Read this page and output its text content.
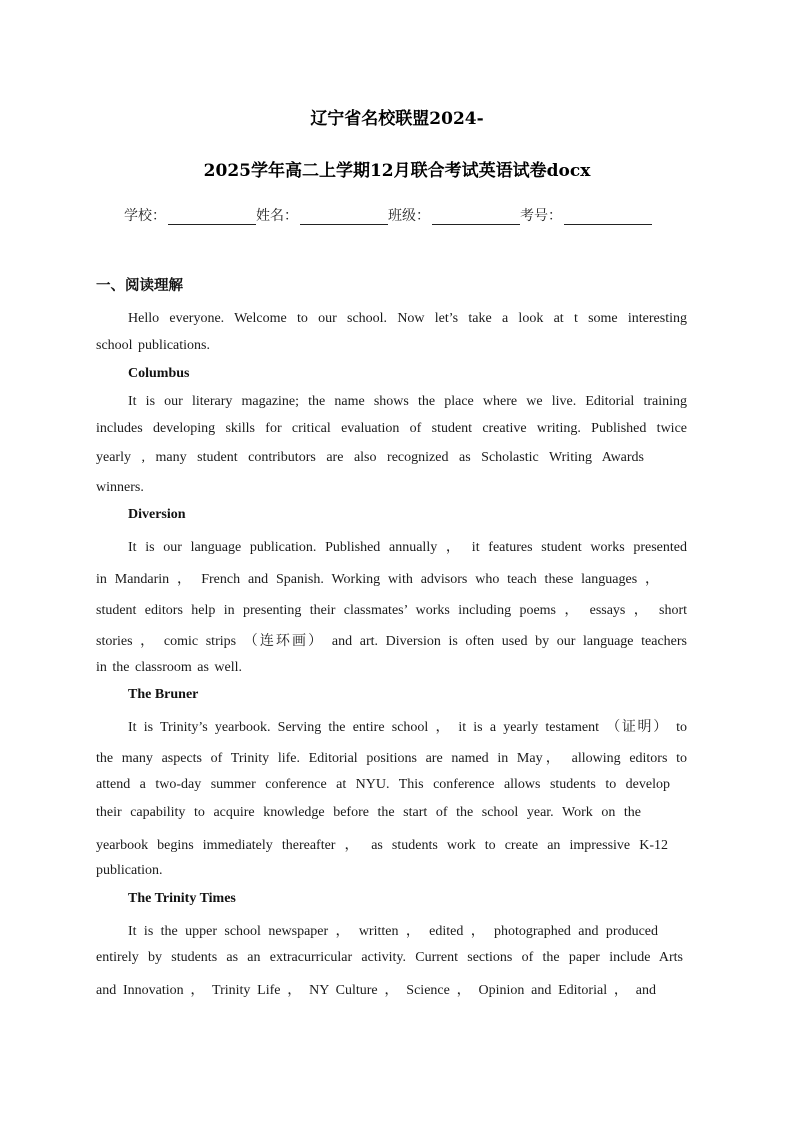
辽宁省名校联盟2024-
2025学年高二上学期12月联合考试英语试卷docx
学校：	姓名：	班级：	考号：
一、阅读理解
Hello everyone. Welcome to our school. Now let’s take a look at t some interesting
school publications.
Columbus
It is our literary magazine; the name shows the place where we live. Editorial training
includes developing skills for critical evaluation of student creative writing. Published twice
yearly , many student contributors are also recognized as Scholastic Writing Awards
winners.
Diversion
It is our language publication. Published annually ， it features student works presented
in Mandarin ， French and Spanish. Working with advisors who teach these languages ，
student editors help in presenting their classmates’ works including poems ， essays ， short
stories ， comic strips （连环画） and art. Diversion is often used by our language teachers
in the classroom as well.
The Bruner
It is Trinity’s yearbook. Serving the entire school ， it is a yearly testament （证明） to
the many aspects of Trinity life. Editorial positions are named in May， allowing editors to
attend a two-day summer conference at NYU. This conference allows students to develop
their capability to acquire knowledge before the start of the school year. Work on the
yearbook begins immediately thereafter ， as students work to create an impressive K-12
publication.
The Trinity Times
It is the upper school newspaper ， written ， edited ， photographed and produced
entirely by students as an extracurricular activity. Current sections of the paper include Arts
and Innovation ， Trinity Life ， NY Culture ， Science ， Opinion and Editorial ， and
